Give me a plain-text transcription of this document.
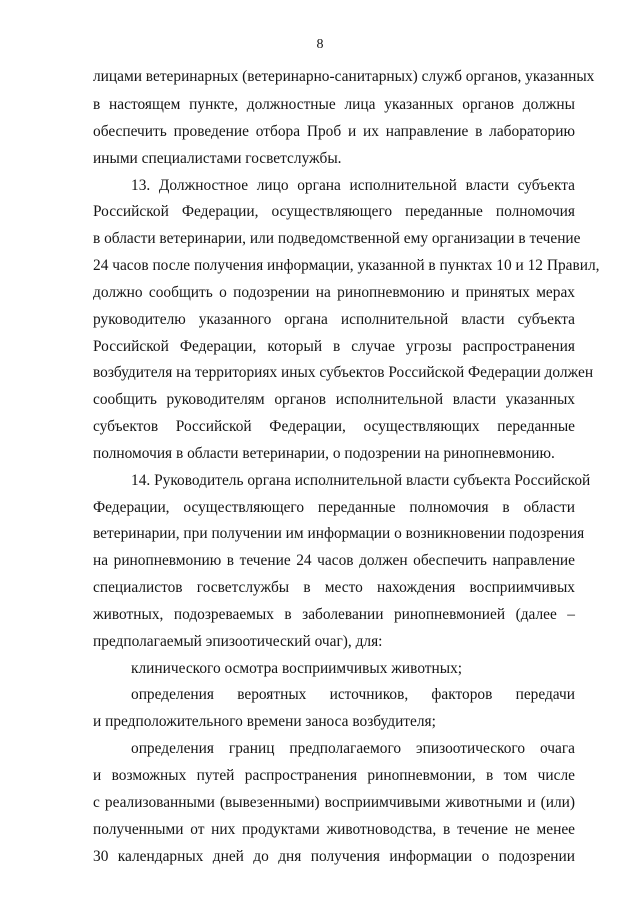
8
лицами ветеринарных (ветеринарно-санитарных) служб органов, указанных
в настоящем пункте, должностные лица указанных органов должны
обеспечить проведение отбора Проб и их направление в лабораторию
иными специалистами госветслужбы.
13. Должностное лицо органа исполнительной власти субъекта
Российской Федерации, осуществляющего переданные полномочия
в области ветеринарии, или подведомственной ему организации в течение
24 часов после получения информации, указанной в пунктах 10 и 12 Правил,
должно сообщить о подозрении на ринопневмонию и принятых мерах
руководителю указанного органа исполнительной власти субъекта
Российской Федерации, который в случае угрозы распространения
возбудителя на территориях иных субъектов Российской Федерации должен
сообщить руководителям органов исполнительной власти указанных
субъектов Российской Федерации, осуществляющих переданные
полномочия в области ветеринарии, о подозрении на ринопневмонию.
14. Руководитель органа исполнительной власти субъекта Российской
Федерации, осуществляющего переданные полномочия в области
ветеринарии, при получении им информации о возникновении подозрения
на ринопневмонию в течение 24 часов должен обеспечить направление
специалистов госветслужбы в место нахождения восприимчивых
животных, подозреваемых в заболевании ринопневмонией (далее –
предполагаемый эпизоотический очаг), для:
клинического осмотра восприимчивых животных;
определения вероятных источников, факторов передачи
и предположительного времени заноса возбудителя;
определения границ предполагаемого эпизоотического очага
и возможных путей распространения ринопневмонии, в том числе
с реализованными (вывезенными) восприимчивыми животными и (или)
полученными от них продуктами животноводства, в течение не менее
30 календарных дней до дня получения информации о подозрении
